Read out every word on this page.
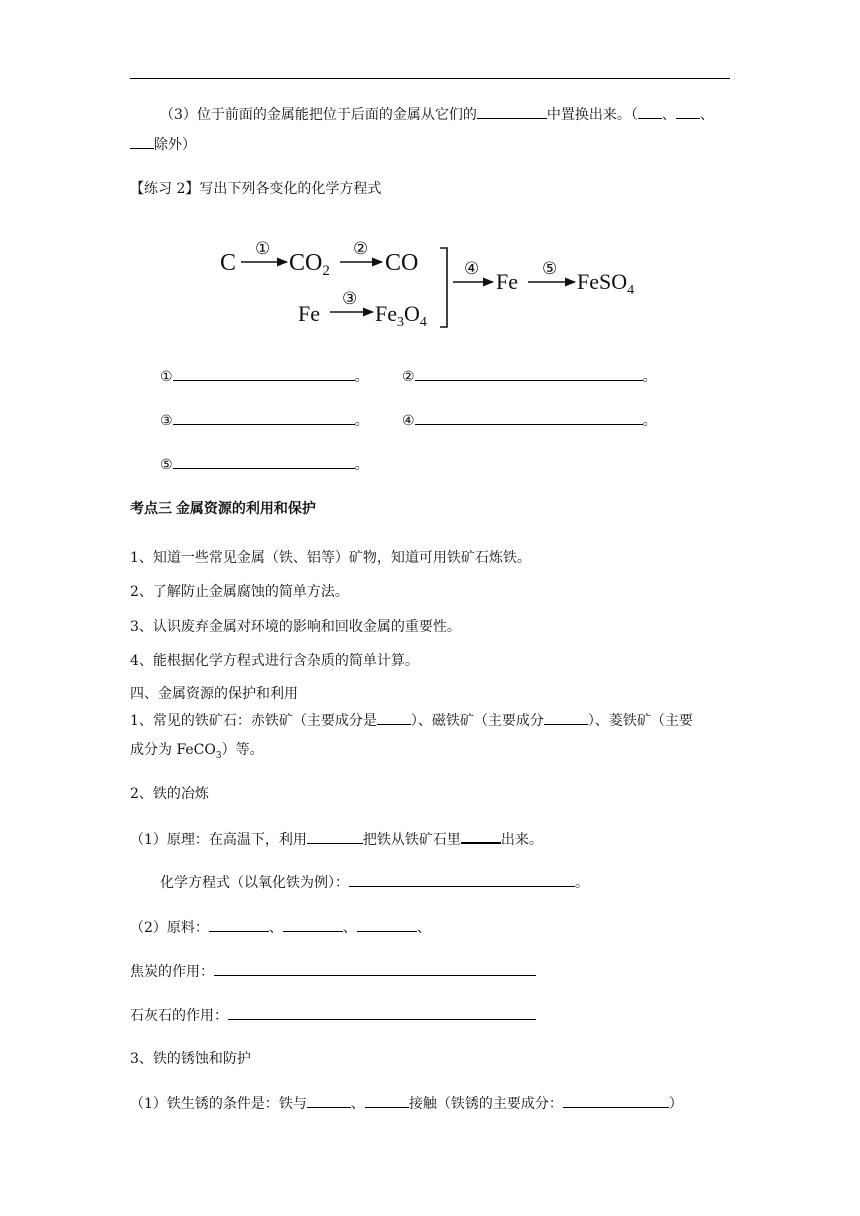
（3）位于前面的金属能把位于后面的金属从它们的	中置换出来。（ 、 、
除外）
【练习 2】写出下列各变化的化学方程式
C
①
$CO_2$
②
CO
Fe
③
$Fe_3O_4$
④
Fe
⑤
FeSO$_4$
①	。 ②	。
③	。 ④	。
⑤	。
考点三 金属资源的利用和保护
1、知道一些常见金属（铁、铝等）矿物，知道可用铁矿石炼铁。
2、了解防止金属腐蚀的简单方法。
3、认识废弃金属对环境的影响和回收金属的重要性。
4、能根据化学方程式进行含杂质的简单计算。
四、金属资源的保护和利用
1、常见的铁矿石：赤铁矿（主要成分是 ）、磁铁矿（主要成分	）、菱铁矿（主要
成分为 FeCO$_3$）等。
2、铁的冶炼
（1）原理：在高温下，利用	把铁从铁矿石里	出来。
化学方程式（以氧化铁为例）：	。
（2）原料：	、	、	、
焦炭的作用：
石灰石的作用：
3、铁的锈蚀和防护
（1）铁生锈的条件是：铁与	、	接触（铁锈的主要成分：	）
